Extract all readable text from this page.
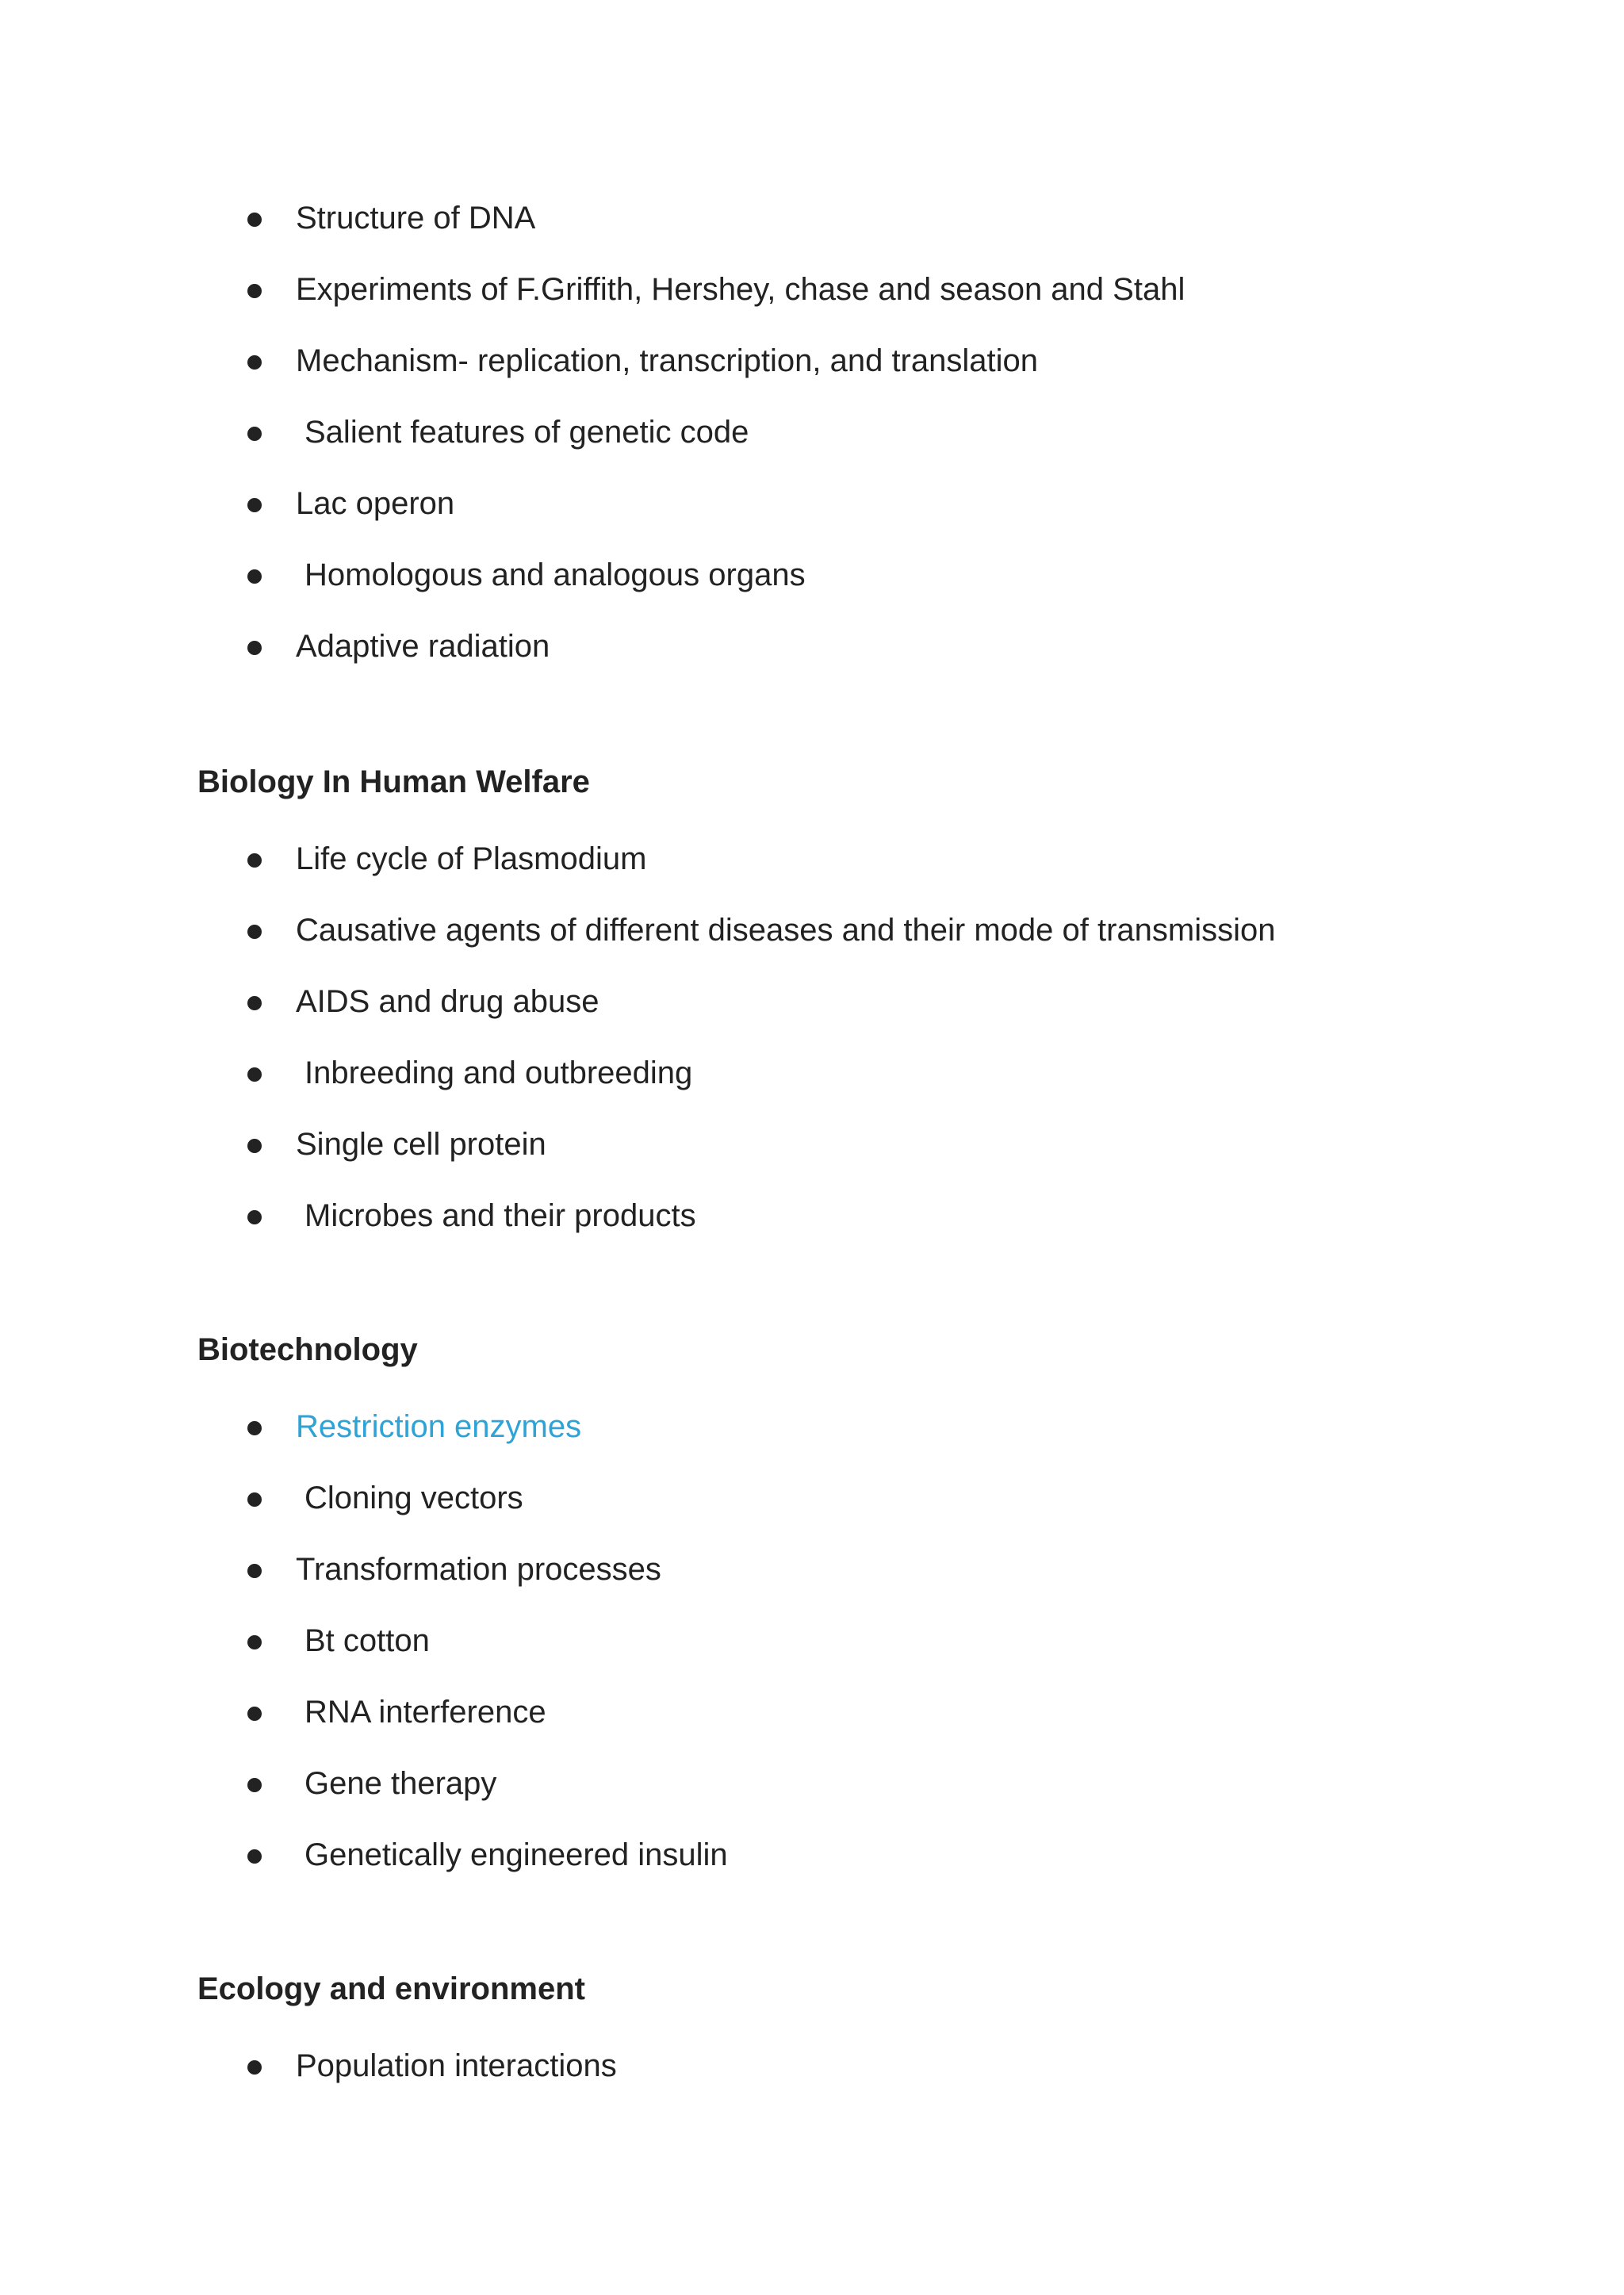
Structure of DNA
Experiments of F.Griffith, Hershey, chase and season and Stahl
Mechanism- replication, transcription, and translation
Salient features of genetic code
Lac operon
Homologous and analogous organs
Adaptive radiation
Biology In Human Welfare
Life cycle of Plasmodium
Causative agents of different diseases and their mode of transmission
AIDS and drug abuse
Inbreeding and outbreeding
Single cell protein
Microbes and their products
Biotechnology
Restriction enzymes
Cloning vectors
Transformation processes
Bt cotton
RNA interference
Gene therapy
Genetically engineered insulin
Ecology and environment
Population interactions
